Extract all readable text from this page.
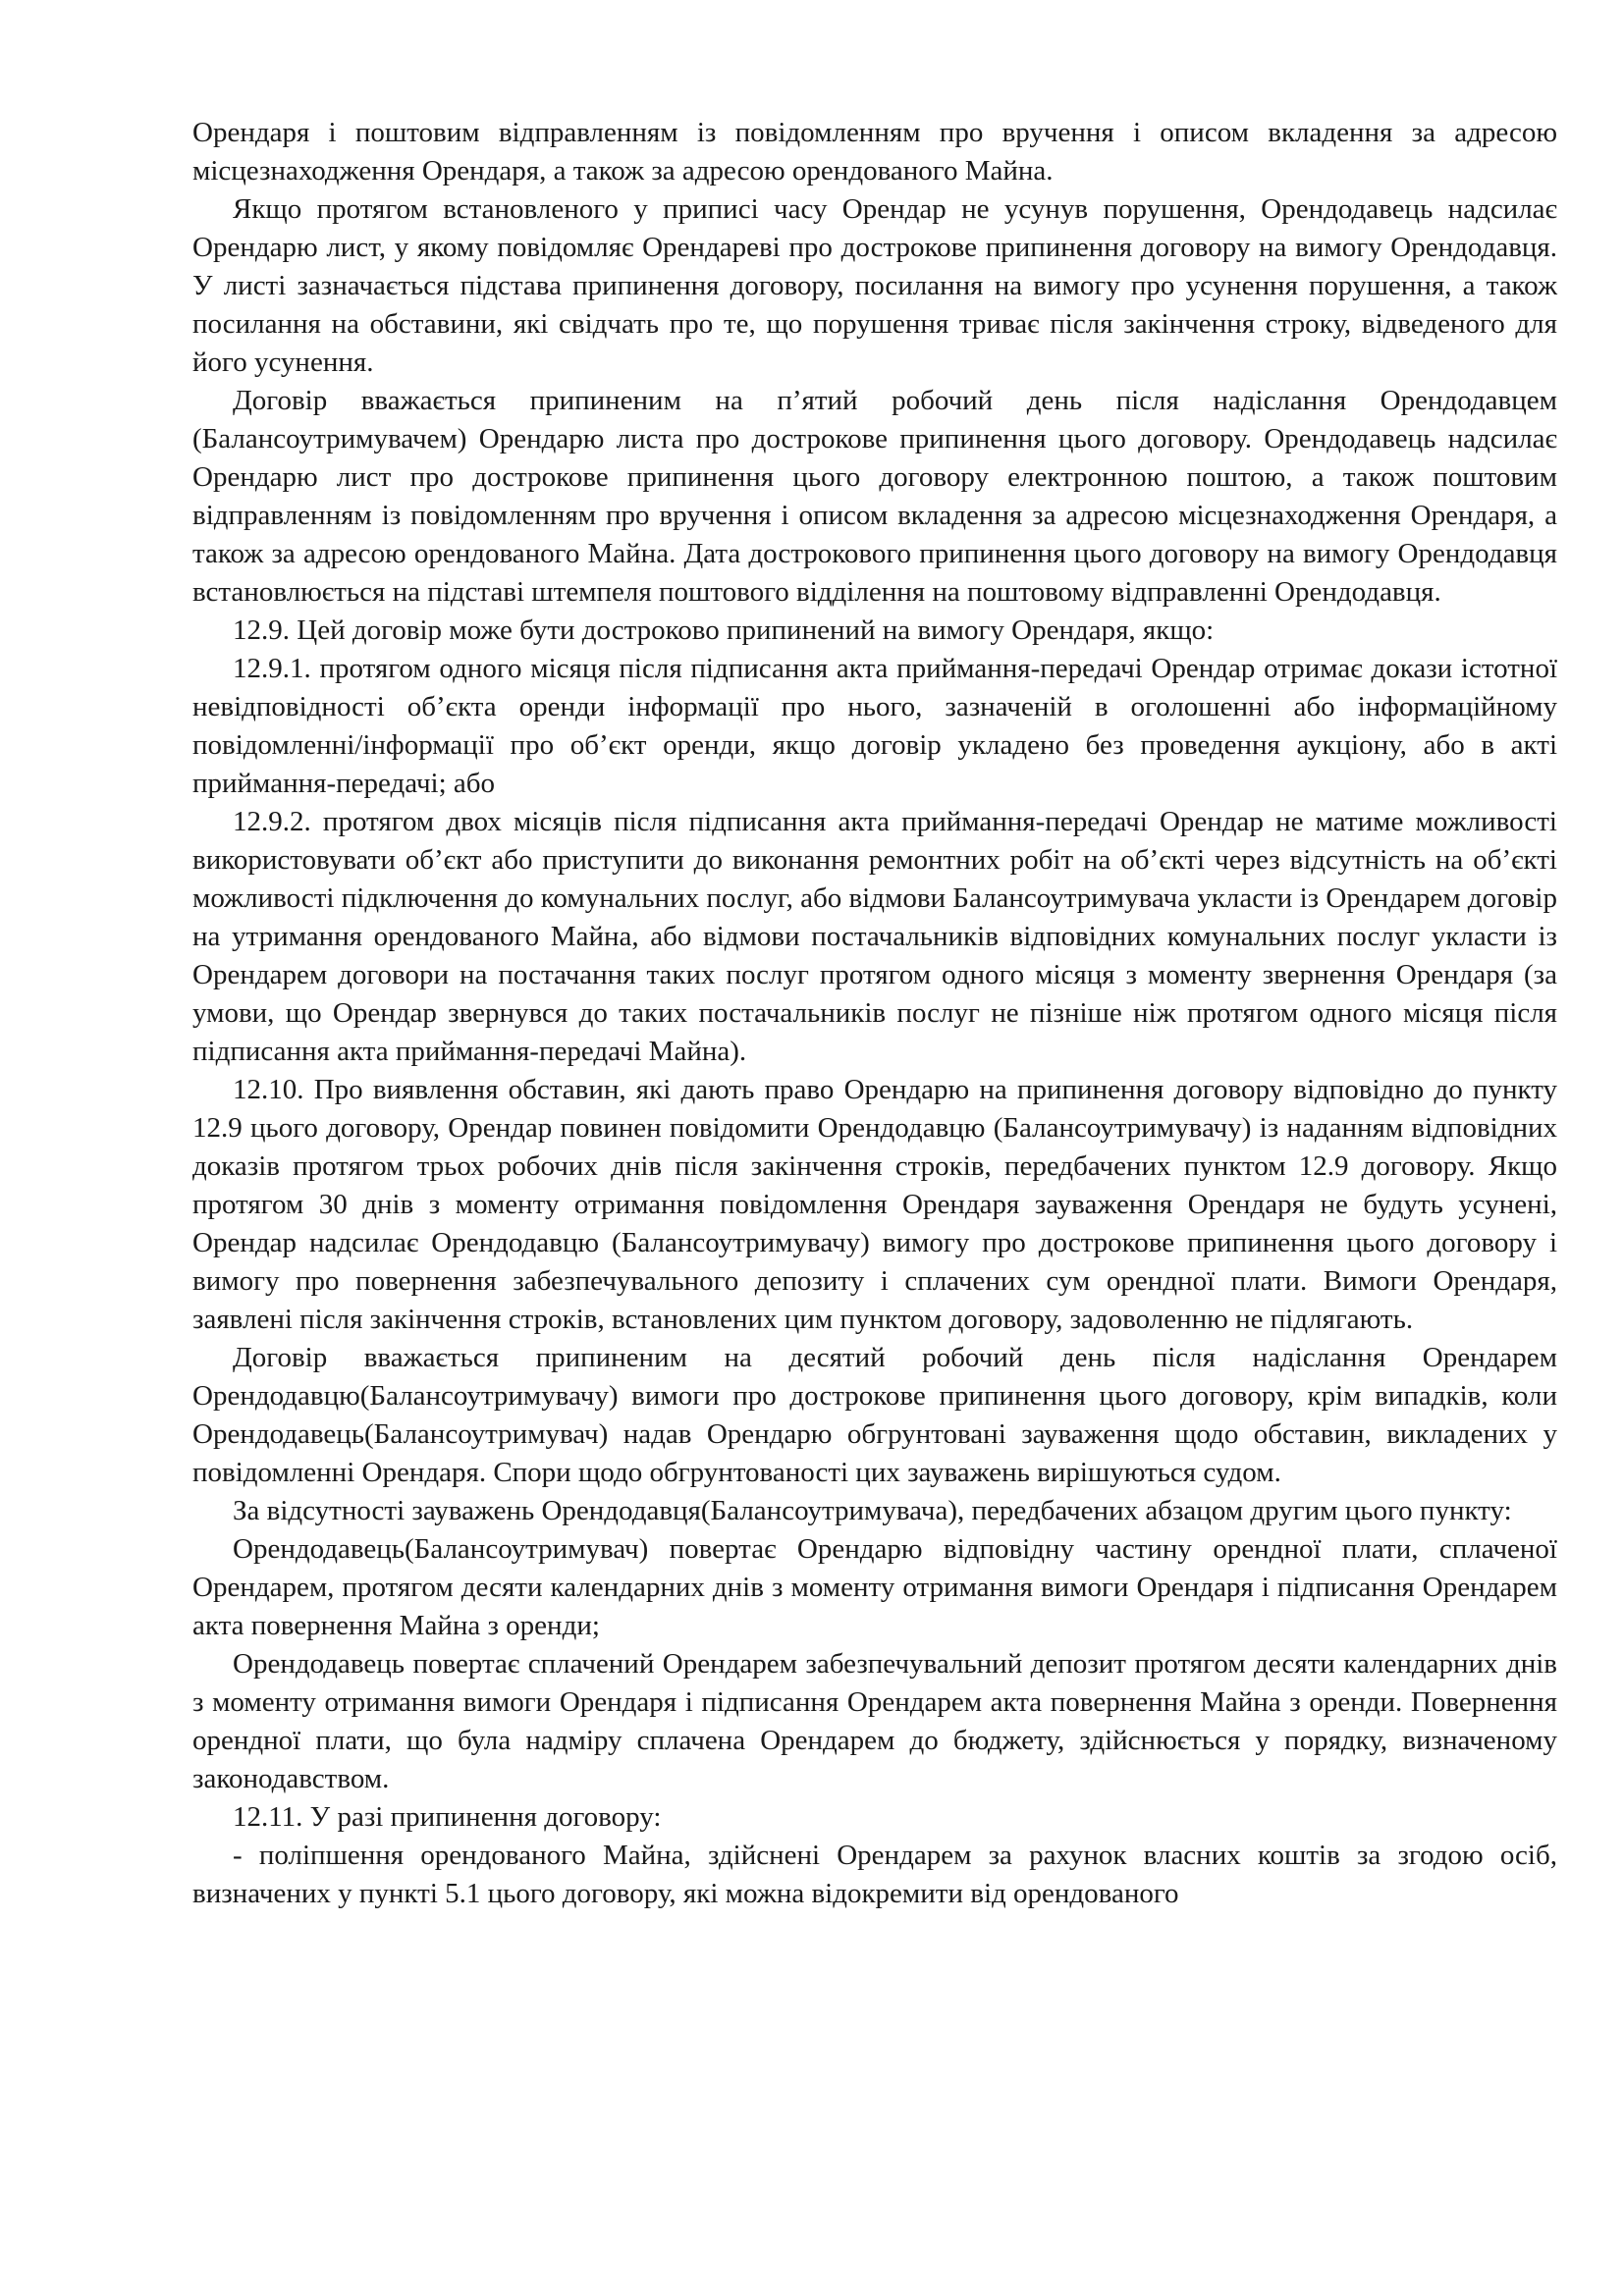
Орендаря і поштовим відправленням із повідомленням про вручення і описом вкладення за адресою місцезнаходження Орендаря, а також за адресою орендованого Майна.

Якщо протягом встановленого у приписі часу Орендар не усунув порушення, Орендодавець надсилає Орендарю лист, у якому повідомляє Орендареві про дострокове припинення договору на вимогу Орендодавця. У листі зазначається підстава припинення договору, посилання на вимогу про усунення порушення, а також посилання на обставини, які свідчать про те, що порушення триває після закінчення строку, відведеного для його усунення.

Договір вважається припиненим на п’ятий робочий день після надіслання Орендодавцем (Балансоутримувачем) Орендарю листа про дострокове припинення цього договору. Орендодавець надсилає Орендарю лист про дострокове припинення цього договору електронною поштою, а також поштовим відправленням із повідомленням про вручення і описом вкладення за адресою місцезнаходження Орендаря, а також за адресою орендованого Майна. Дата дострокового припинення цього договору на вимогу Орендодавця встановлюється на підставі штемпеля поштового відділення на поштовому відправленні Орендодавця.

12.9. Цей договір може бути достроково припинений на вимогу Орендаря, якщо:

12.9.1. протягом одного місяця після підписання акта приймання-передачі Орендар отримає докази істотної невідповідності об’єкта оренди інформації про нього, зазначеній в оголошенні або інформаційному повідомленні/інформації про об’єкт оренди, якщо договір укладено без проведення аукціону, або в акті приймання-передачі; або

12.9.2. протягом двох місяців після підписання акта приймання-передачі Орендар не матиме можливості використовувати об’єкт або приступити до виконання ремонтних робіт на об’єкті через відсутність на об’єкті можливості підключення до комунальних послуг, або відмови Балансоутримувача укласти із Орендарем договір на утримання орендованого Майна, або відмови постачальників відповідних комунальних послуг укласти із Орендарем договори на постачання таких послуг протягом одного місяця з моменту звернення Орендаря (за умови, що Орендар звернувся до таких постачальників послуг не пізніше ніж протягом одного місяця після підписання акта приймання-передачі Майна).

12.10. Про виявлення обставин, які дають право Орендарю на припинення договору відповідно до пункту 12.9 цього договору, Орендар повинен повідомити Орендодавцю (Балансоутримувачу) із наданням відповідних доказів протягом трьох робочих днів після закінчення строків, передбачених пунктом 12.9 договору. Якщо протягом 30 днів з моменту отримання повідомлення Орендаря зауваження Орендаря не будуть усунені, Орендар надсилає Орендодавцю (Балансоутримувачу) вимогу про дострокове припинення цього договору і вимогу про повернення забезпечувального депозиту і сплачених сум орендної плати. Вимоги Орендаря, заявлені після закінчення строків, встановлених цим пунктом договору, задоволенню не підлягають.

Договір вважається припиненим на десятий робочий день після надіслання Орендарем Орендодавцю(Балансоутримувачу) вимоги про дострокове припинення цього договору, крім випадків, коли Орендодавець(Балансоутримувач) надав Орендарю обгрунтовані зауваження щодо обставин, викладених у повідомленні Орендаря. Спори щодо обгрунтованості цих зауважень вирішуються судом.

За відсутності зауважень Орендодавця(Балансоутримувача), передбачених абзацом другим цього пункту:

Орендодавець(Балансоутримувач) повертає Орендарю відповідну частину орендної плати, сплаченої Орендарем, протягом десяти календарних днів з моменту отримання вимоги Орендаря і підписання Орендарем акта повернення Майна з оренди;

Орендодавець повертає сплачений Орендарем забезпечувальний депозит протягом десяти календарних днів з моменту отримання вимоги Орендаря і підписання Орендарем акта повернення Майна з оренди. Повернення орендної плати, що була надміру сплачена Орендарем до бюджету, здійснюється у порядку, визначеному законодавством.

12.11. У разі припинення договору:

- поліпшення орендованого Майна, здійснені Орендарем за рахунок власних коштів за згодою осіб, визначених у пункті 5.1 цього договору, які можна відокремити від орендованого
